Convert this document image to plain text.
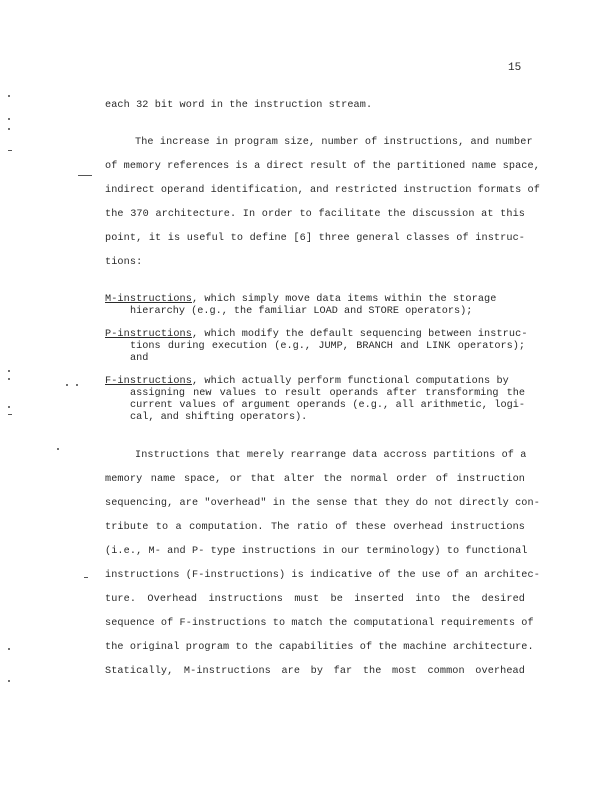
15
each 32 bit word in the instruction stream.
The increase in program size, number of instructions, and number
of memory references is a direct result of the partitioned name space,
indirect operand identification, and restricted instruction formats of
the 370 architecture. In order to facilitate the discussion at this
point, it is useful to define [6] three general classes of instruc-
tions:
M-instructions, which simply move data items within the storage
hierarchy (e.g., the familiar LOAD and STORE operators);
P-instructions, which modify the default sequencing between instruc-
tions during execution (e.g., JUMP, BRANCH and LINK operators);
and
F-instructions, which actually perform functional computations by
assigning new values to result operands after transforming the
current values of argument operands (e.g., all arithmetic, logi-
cal, and shifting operators).
Instructions that merely rearrange data accross partitions of a
memory name space, or that alter the normal order of instruction
sequencing, are "overhead" in the sense that they do not directly con-
tribute to a computation. The ratio of these overhead instructions
(i.e., M- and P- type instructions in our terminology) to functional
instructions (F-instructions) is indicative of the use of an architec-
ture. Overhead instructions must be inserted into the desired
sequence of F-instructions to match the computational requirements of
the original program to the capabilities of the machine architecture.
Statically, M-instructions are by far the most common overhead
